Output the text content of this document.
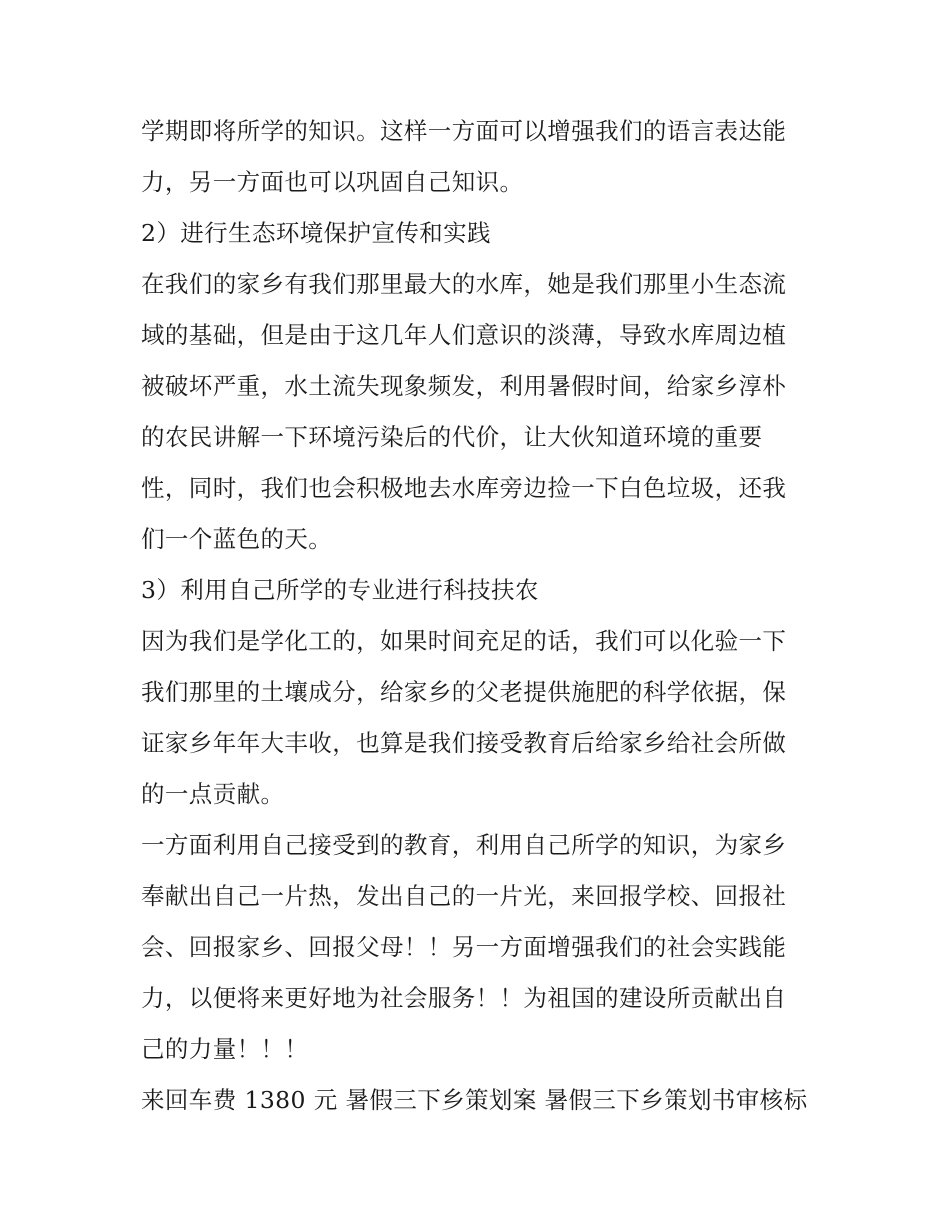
学期即将所学的知识。这样一方面可以增强我们的语言表达能
力，另一方面也可以巩固自己知识。
2）进行生态环境保护宣传和实践
在我们的家乡有我们那里最大的水库，她是我们那里小生态流
域的基础，但是由于这几年人们意识的淡薄，导致水库周边植
被破坏严重，水土流失现象频发，利用暑假时间，给家乡淳朴
的农民讲解一下环境污染后的代价，让大伙知道环境的重要
性，同时，我们也会积极地去水库旁边捡一下白色垃圾，还我
们一个蓝色的天。
3）利用自己所学的专业进行科技扶农
因为我们是学化工的，如果时间充足的话，我们可以化验一下
我们那里的土壤成分，给家乡的父老提供施肥的科学依据，保
证家乡年年大丰收，也算是我们接受教育后给家乡给社会所做
的一点贡献。
一方面利用自己接受到的教育，利用自己所学的知识，为家乡
奉献出自己一片热，发出自己的一片光，来回报学校、回报社
会、回报家乡、回报父母！！另一方面增强我们的社会实践能
力，以便将来更好地为社会服务！！为祖国的建设所贡献出自
己的力量！！！
来回车费 1380 元 暑假三下乡策划案 暑假三下乡策划书审核标
